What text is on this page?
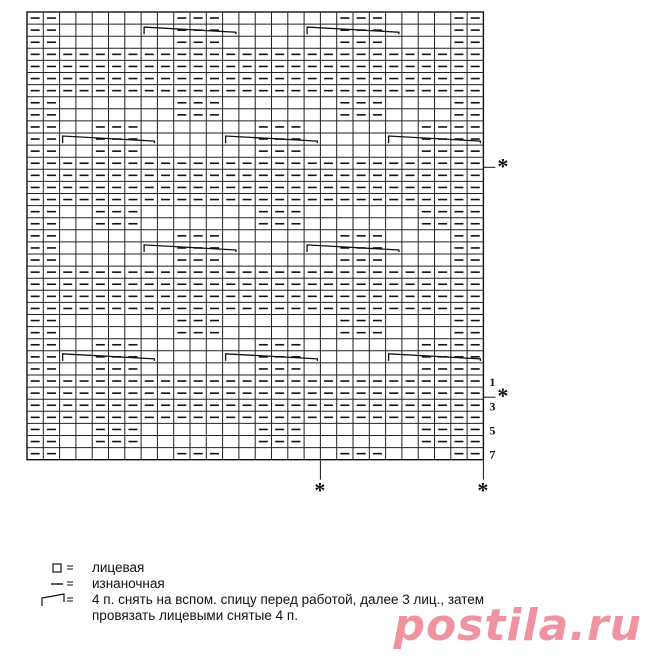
7
5
3
1
*
*
*	*
лицевая
изнаночная
4 п. снять на вспом. спицу перед работой, далее 3 лиц., затем
провязать лицевыми снятые 4 п.	postila.ru
